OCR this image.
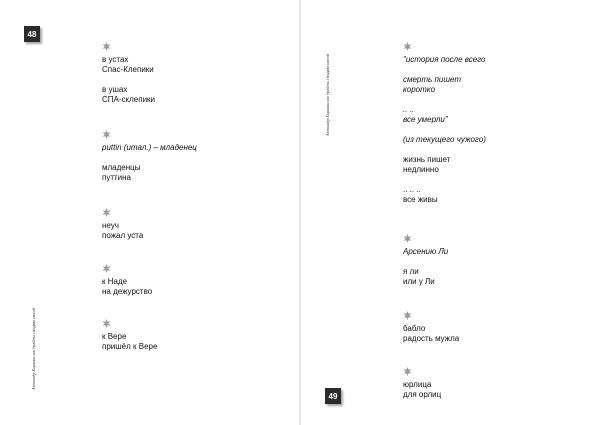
48
49
Александр Корамыслов Ураблы / водам силой
Александр Корамыслов Ураблы / водам силой
в устах
Спас-Клепики
в ушах
СПА-склепики
puttin (итал.) – младенец
младенцы
путтина
неуч
пожал уста
к Наде
на дежурство
к Вере
пришёл к Вере
"история после всего
смерть пишет
коротко
.. ..
все умерли"
(из текущего чужого)
жизнь пишет
недлинно
.. .. ..
все живы
Арсению Ли
я ли
или у Ли
бабло
радость мужла
юрлица
для орлиц
